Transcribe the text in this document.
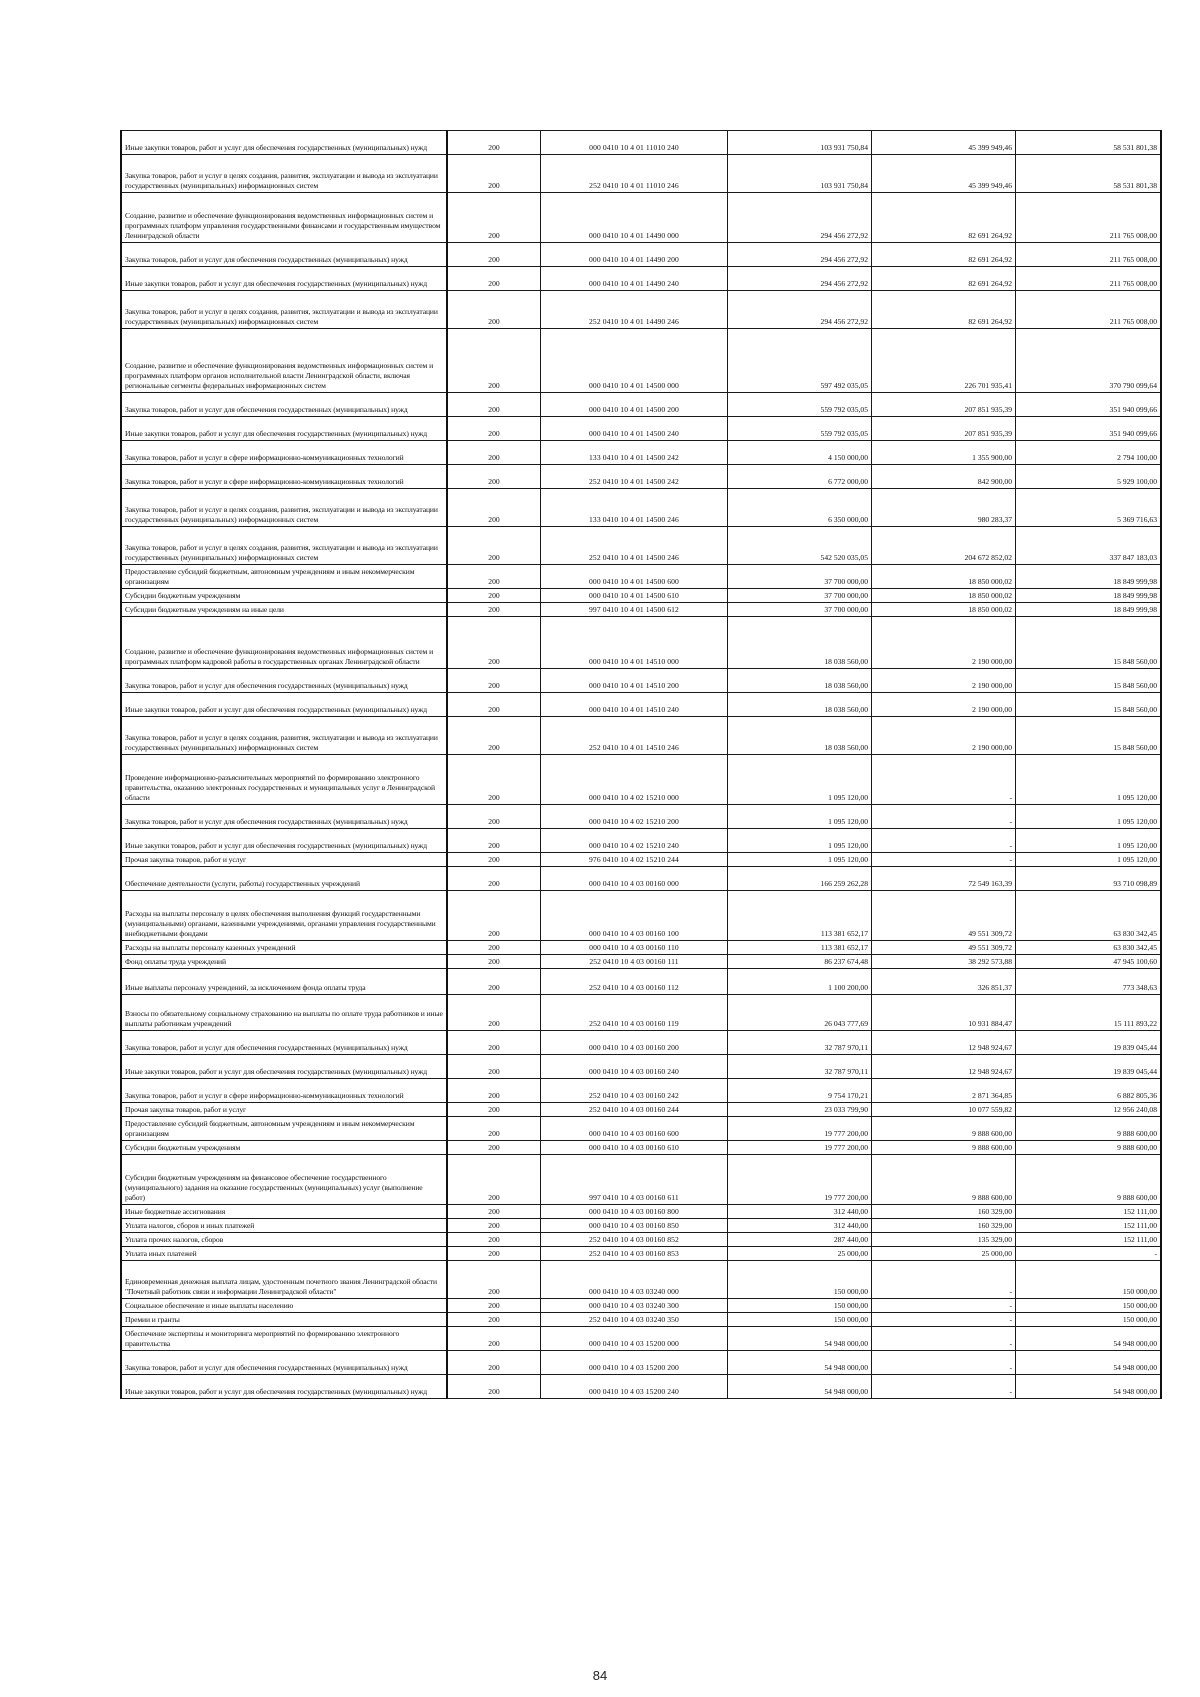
Иные закупки товаров, работ и услуг для обеспечения государственных (муниципальных) нужд	200	000 0410 10 4 01 11010 240	103 931 750,84	45 399 949,46	58 531 801,38
Закупка товаров, работ и услуг в целях создания, развития, эксплуатации и вывода из эксплуатации государственных (муниципальных) информационных систем	200	252 0410 10 4 01 11010 246	103 931 750,84	45 399 949,46	58 531 801,38
Создание, развитие и обеспечение функционирования ведомственных информационных систем и программных платформ управления государственными финансами и государственным имуществом Ленинградской области	200	000 0410 10 4 01 14490 000	294 456 272,92	82 691 264,92	211 765 008,00
Закупка товаров, работ и услуг для обеспечения государственных (муниципальных) нужд	200	000 0410 10 4 01 14490 200	294 456 272,92	82 691 264,92	211 765 008,00
Иные закупки товаров, работ и услуг для обеспечения государственных (муниципальных) нужд	200	000 0410 10 4 01 14490 240	294 456 272,92	82 691 264,92	211 765 008,00
Закупка товаров, работ и услуг в целях создания, развития, эксплуатации и вывода из эксплуатации государственных (муниципальных) информационных систем	200	252 0410 10 4 01 14490 246	294 456 272,92	82 691 264,92	211 765 008,00
Создание, развитие и обеспечение функционирования ведомственных информационных систем и программных платформ органов исполнительной власти Ленинградской области, включая региональные сегменты федеральных информационных систем	200	000 0410 10 4 01 14500 000	597 492 035,05	226 701 935,41	370 790 099,64
Закупка товаров, работ и услуг для обеспечения государственных (муниципальных) нужд	200	000 0410 10 4 01 14500 200	559 792 035,05	207 851 935,39	351 940 099,66
Иные закупки товаров, работ и услуг для обеспечения государственных (муниципальных) нужд	200	000 0410 10 4 01 14500 240	559 792 035,05	207 851 935,39	351 940 099,66
Закупка товаров, работ и услуг в сфере информационно-коммуникационных технологий	200	133 0410 10 4 01 14500 242	4 150 000,00	1 355 900,00	2 794 100,00
Закупка товаров, работ и услуг в сфере информационно-коммуникационных технологий	200	252 0410 10 4 01 14500 242	6 772 000,00	842 900,00	5 929 100,00
Закупка товаров, работ и услуг в целях создания, развития, эксплуатации и вывода из эксплуатации государственных (муниципальных) информационных систем	200	133 0410 10 4 01 14500 246	6 350 000,00	980 283,37	5 369 716,63
Закупка товаров, работ и услуг в целях создания, развития, эксплуатации и вывода из эксплуатации государственных (муниципальных) информационных систем	200	252 0410 10 4 01 14500 246	542 520 035,05	204 672 852,02	337 847 183,03
Предоставление субсидий бюджетным, автономным учреждениям и иным некоммерческим организациям	200	000 0410 10 4 01 14500 600	37 700 000,00	18 850 000,02	18 849 999,98
Субсидии бюджетным учреждениям	200	000 0410 10 4 01 14500 610	37 700 000,00	18 850 000,02	18 849 999,98
Субсидии бюджетным учреждениям на иные цели	200	997 0410 10 4 01 14500 612	37 700 000,00	18 850 000,02	18 849 999,98
Создание, развитие и обеспечение функционирования ведомственных информационных систем и программных платформ кадровой работы в государственных органах Ленинградской области	200	000 0410 10 4 01 14510 000	18 038 560,00	2 190 000,00	15 848 560,00
Закупка товаров, работ и услуг для обеспечения государственных (муниципальных) нужд	200	000 0410 10 4 01 14510 200	18 038 560,00	2 190 000,00	15 848 560,00
Иные закупки товаров, работ и услуг для обеспечения государственных (муниципальных) нужд	200	000 0410 10 4 01 14510 240	18 038 560,00	2 190 000,00	15 848 560,00
Закупка товаров, работ и услуг в целях создания, развития, эксплуатации и вывода из эксплуатации государственных (муниципальных) информационных систем	200	252 0410 10 4 01 14510 246	18 038 560,00	2 190 000,00	15 848 560,00
Проведение информационно-разъяснительных мероприятий по формированию электронного правительства, оказанию электронных государственных и муниципальных услуг в Ленинградской области	200	000 0410 10 4 02 15210 000	1 095 120,00	-	1 095 120,00
Закупка товаров, работ и услуг для обеспечения государственных (муниципальных) нужд	200	000 0410 10 4 02 15210 200	1 095 120,00	-	1 095 120,00
Иные закупки товаров, работ и услуг для обеспечения государственных (муниципальных) нужд	200	000 0410 10 4 02 15210 240	1 095 120,00	-	1 095 120,00
Прочая закупка товаров, работ и услуг	200	976 0410 10 4 02 15210 244	1 095 120,00	-	1 095 120,00
Обеспечение деятельности (услуги, работы) государственных учреждений	200	000 0410 10 4 03 00160 000	166 259 262,28	72 549 163,39	93 710 098,89
Расходы на выплаты персоналу в целях обеспечения выполнения функций государственными (муниципальными) органами, казенными учреждениями, органами управления государственными внебюджетными фондами	200	000 0410 10 4 03 00160 100	113 381 652,17	49 551 309,72	63 830 342,45
Расходы на выплаты персоналу казенных учреждений	200	000 0410 10 4 03 00160 110	113 381 652,17	49 551 309,72	63 830 342,45
Фонд оплаты труда учреждений	200	252 0410 10 4 03 00160 111	86 237 674,48	38 292 573,88	47 945 100,60
Иные выплаты персоналу учреждений, за исключением фонда оплаты труда	200	252 0410 10 4 03 00160 112	1 100 200,00	326 851,37	773 348,63
Взносы по обязательному социальному страхованию на выплаты по оплате труда работников и иные выплаты работникам учреждений	200	252 0410 10 4 03 00160 119	26 043 777,69	10 931 884,47	15 111 893,22
Закупка товаров, работ и услуг для обеспечения государственных (муниципальных) нужд	200	000 0410 10 4 03 00160 200	32 787 970,11	12 948 924,67	19 839 045,44
Иные закупки товаров, работ и услуг для обеспечения государственных (муниципальных) нужд	200	000 0410 10 4 03 00160 240	32 787 970,11	12 948 924,67	19 839 045,44
Закупка товаров, работ и услуг в сфере информационно-коммуникационных технологий	200	252 0410 10 4 03 00160 242	9 754 170,21	2 871 364,85	6 882 805,36
Прочая закупка товаров, работ и услуг	200	252 0410 10 4 03 00160 244	23 033 799,90	10 077 559,82	12 956 240,08
Предоставление субсидий бюджетным, автономным учреждениям и иным некоммерческим организациям	200	000 0410 10 4 03 00160 600	19 777 200,00	9 888 600,00	9 888 600,00
Субсидии бюджетным учреждениям	200	000 0410 10 4 03 00160 610	19 777 200,00	9 888 600,00	9 888 600,00
Субсидии бюджетным учреждениям на финансовое обеспечение государственного (муниципального) задания на оказание государственных (муниципальных) услуг (выполнение работ)	200	997 0410 10 4 03 00160 611	19 777 200,00	9 888 600,00	9 888 600,00
Иные бюджетные ассигнования	200	000 0410 10 4 03 00160 800	312 440,00	160 329,00	152 111,00
Уплата налогов, сборов и иных платежей	200	000 0410 10 4 03 00160 850	312 440,00	160 329,00	152 111,00
Уплата прочих налогов, сборов	200	252 0410 10 4 03 00160 852	287 440,00	135 329,00	152 111,00
Уплата иных платежей	200	252 0410 10 4 03 00160 853	25 000,00	25 000,00	-
Единовременная денежная выплата лицам, удостоенным почетного звания Ленинградской области "Почетный работник связи и информации Ленинградской области"	200	000 0410 10 4 03 03240 000	150 000,00	-	150 000,00
Социальное обеспечение и иные выплаты населению	200	000 0410 10 4 03 03240 300	150 000,00	-	150 000,00
Премии и гранты	200	252 0410 10 4 03 03240 350	150 000,00	-	150 000,00
Обеспечение экспертизы и мониторинга мероприятий по формированию электронного правительства	200	000 0410 10 4 03 15200 000	54 948 000,00	-	54 948 000,00
Закупка товаров, работ и услуг для обеспечения государственных (муниципальных) нужд	200	000 0410 10 4 03 15200 200	54 948 000,00	-	54 948 000,00
Иные закупки товаров, работ и услуг для обеспечения государственных (муниципальных) нужд	200	000 0410 10 4 03 15200 240	54 948 000,00	-	54 948 000,00
84
